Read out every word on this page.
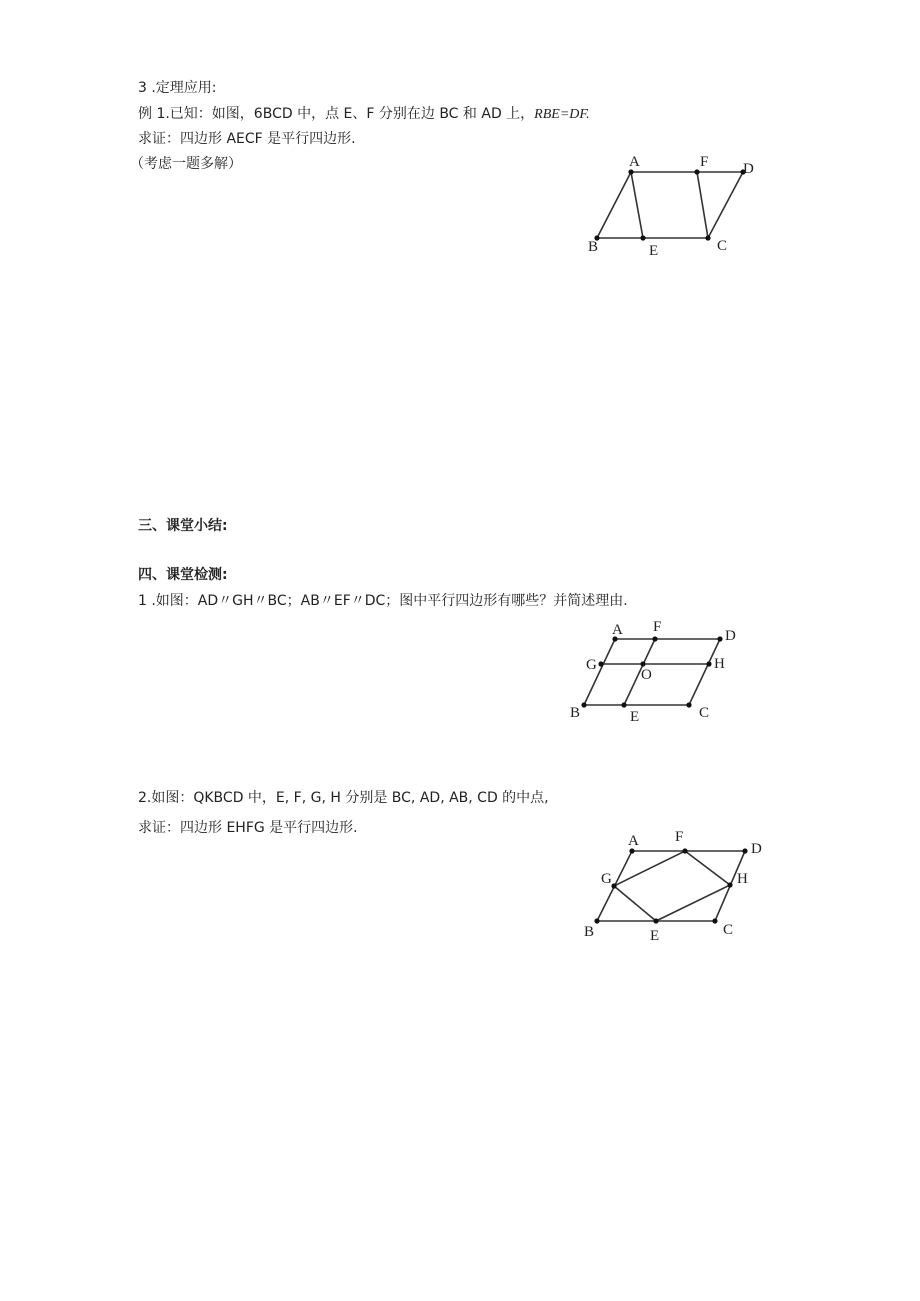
3 .定理应用:
例 1.已知：如图，6BCD 中，点 E、F 分别在边 BC 和 AD 上，RBE=DF.
求证：四边形 AECF 是平行四边形.
（考虑一题多解）	A	F D
B	E	C
三、课堂小结:
四、课堂检测:
1 .如图：AD〃GH〃BC；AB〃EF〃DC；图中平行四边形有哪些？并简述理由.
A F
D
G
O
H
B	E	C
2.如图：QKBCD 中，E, F, G, H 分别是 BC, AD, AB, CD 的中点,
求证：四边形 EHFG 是平行四边形.
A F
D
G	H
B	E	C
